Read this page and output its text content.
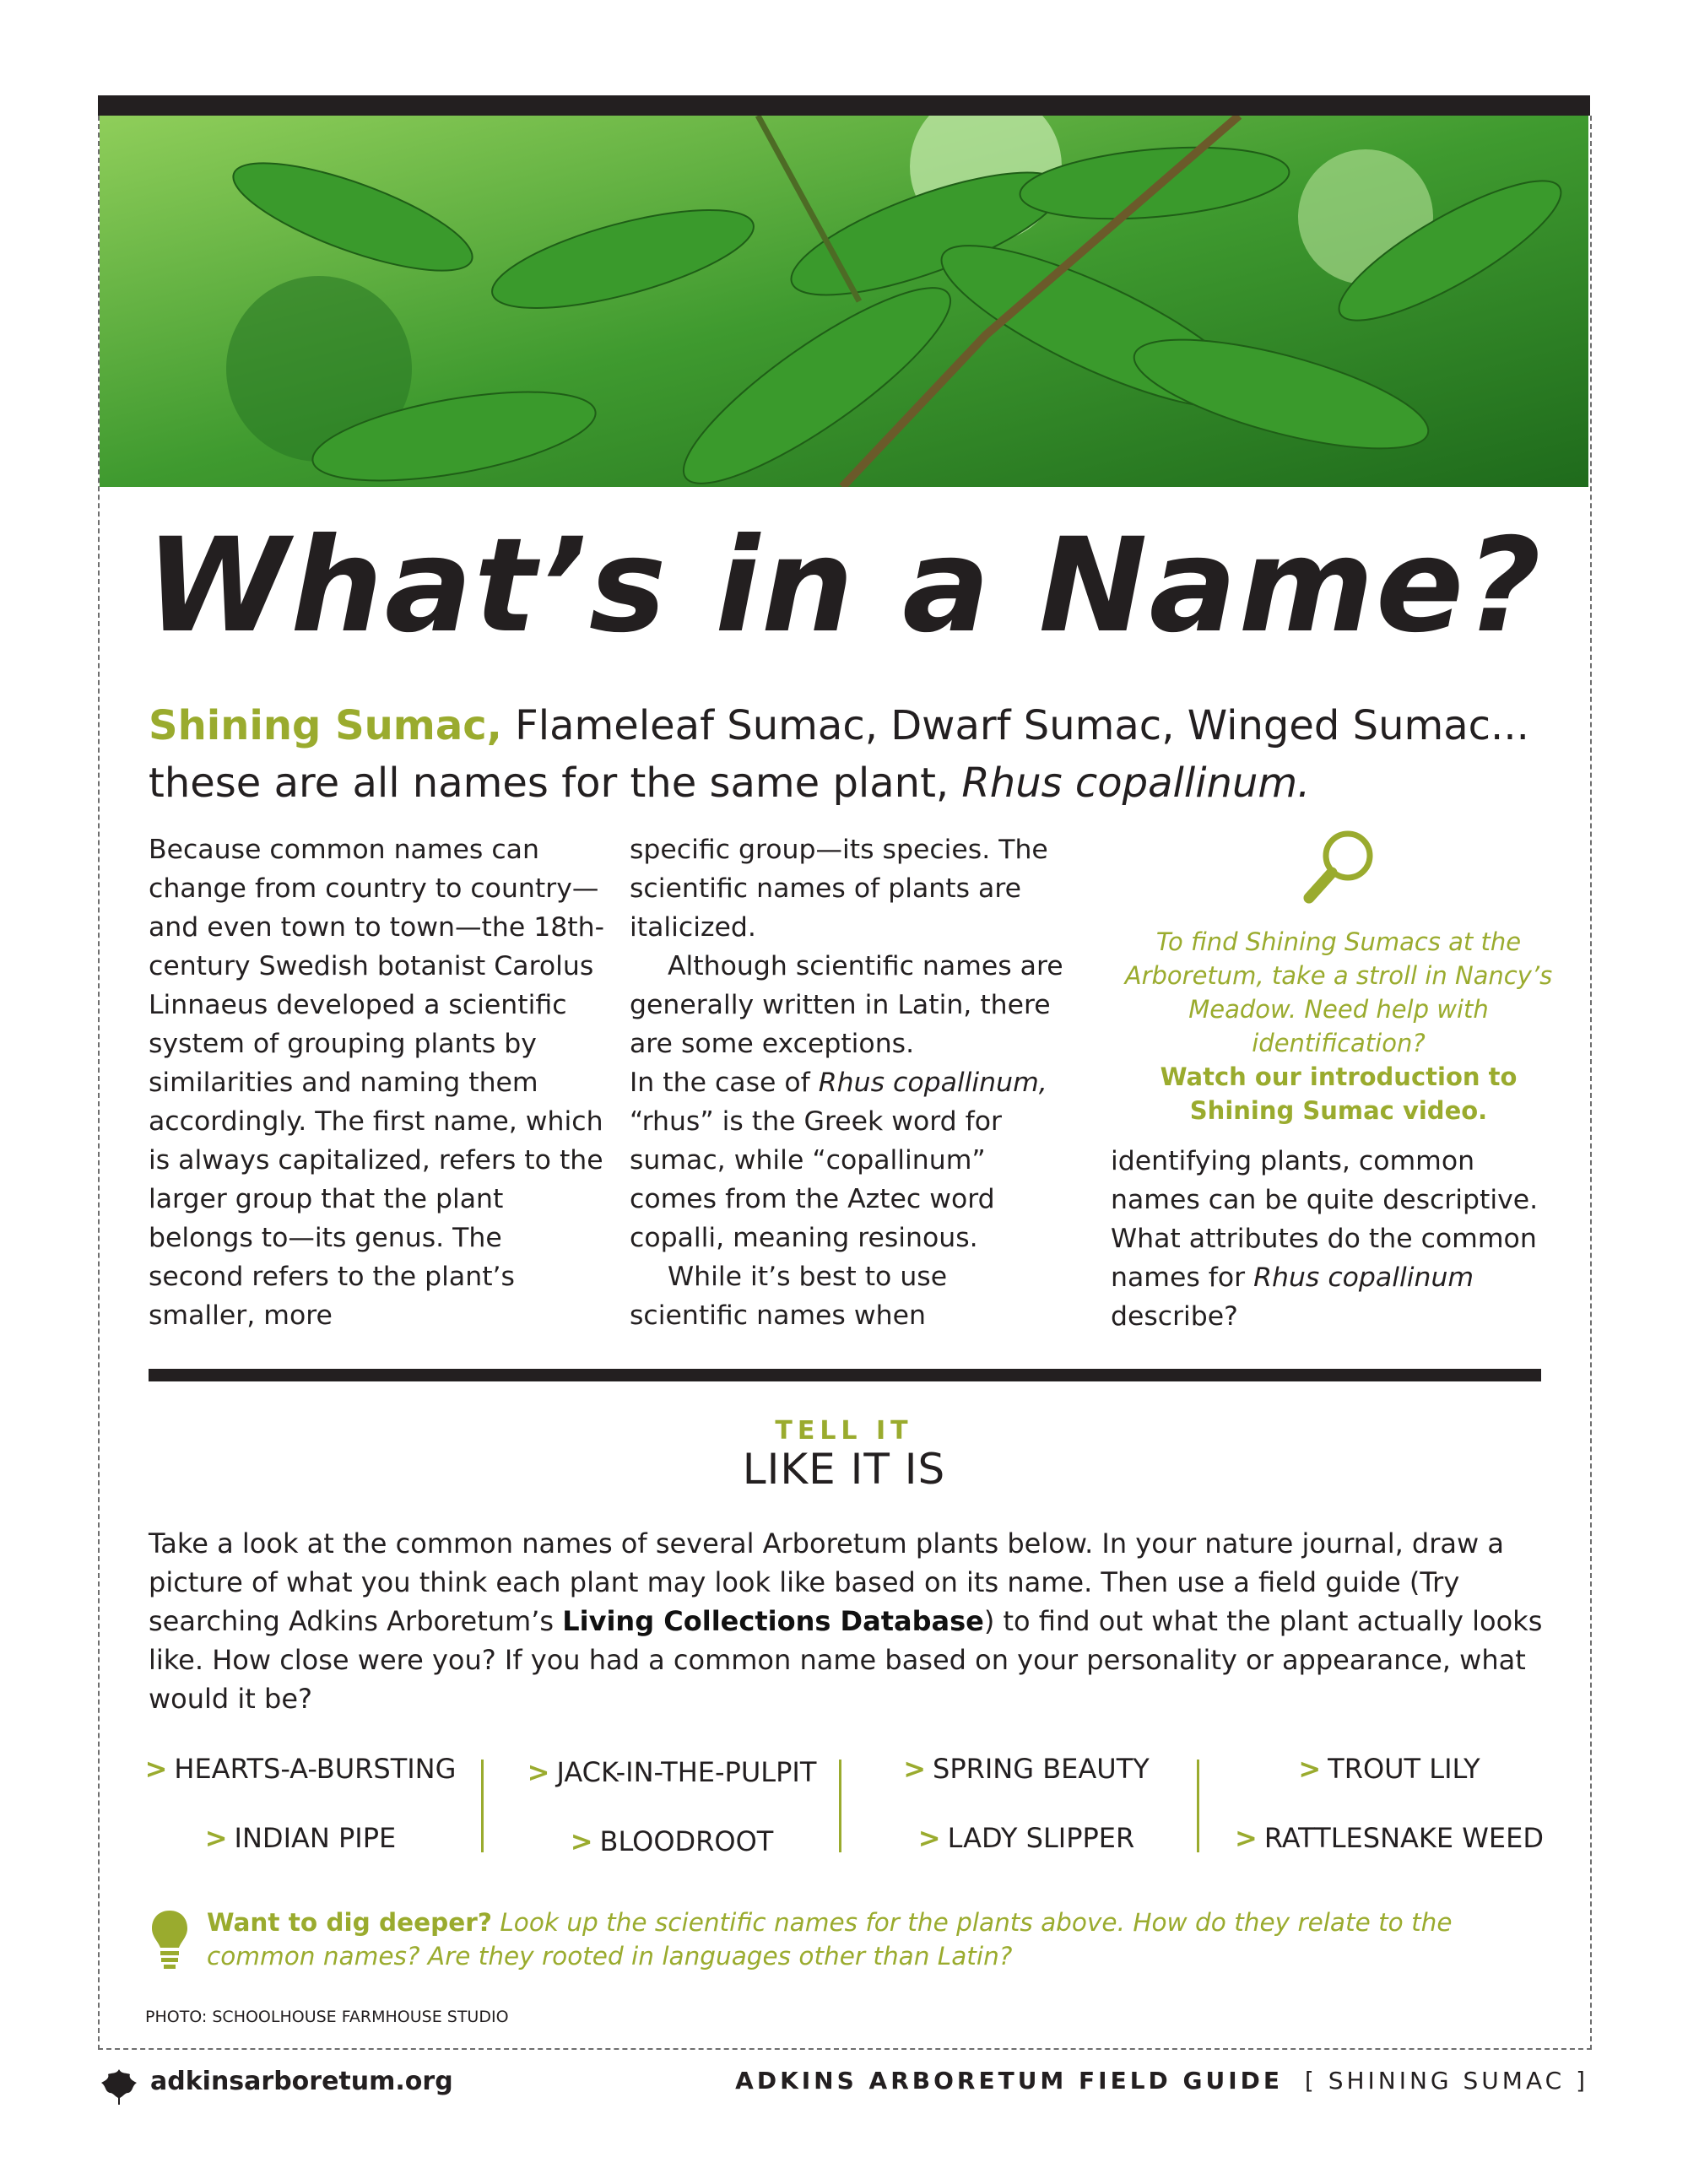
What’s in a Name?
Shining Sumac, Flameleaf Sumac, Dwarf Sumac, Winged Sumac...
these are all names for the same plant, Rhus copallinum.

Because common names can change from country to country—and even town to town—the 18th-century Swedish botanist Carolus Linnaeus developed a scientific system of grouping plants by similarities and naming them accordingly. The first name, which is always capitalized, refers to the larger group that the plant belongs to—its genus. The second refers to the plant’s smaller, more

specific group—its species. The scientific names of plants are italicized.

Although scientific names are generally written in Latin, there are some exceptions.

In the case of Rhus copallinum, “rhus” is the Greek word for sumac, while “copallinum” comes from the Aztec word copalli, meaning resinous.

While it’s best to use scientific names when

To find Shining Sumacs at the Arboretum, take a stroll in Nancy’s Meadow. Need help with identification?
Watch our introduction to Shining Sumac video.

identifying plants, common names can be quite descriptive. What attributes do the common names for Rhus copallinum describe?

TELL IT
LIKE IT IS
Take a look at the common names of several Arboretum plants below. In your nature journal, draw a picture of what you think each plant may look like based on its name. Then use a field guide (Try searching Adkins Arboretum’s Living Collections Database) to find out what the plant actually looks like. How close were you? If you had a common name based on your personality or appearance, what would it be?
> HEARTS-A-BURSTING
> INDIAN PIPE
> JACK-IN-THE-PULPIT
> BLOODROOT
> SPRING BEAUTY
> LADY SLIPPER
> TROUT LILY
> RATTLESNAKE WEED
Want to dig deeper? Look up the scientific names for the plants above. How do they relate to the common names? Are they rooted in languages other than Latin?
PHOTO: SCHOOLHOUSE FARMHOUSE STUDIO
adkinsarboretum.org	ADKINS ARBORETUM FIELD GUIDE [ SHINING SUMAC ]
